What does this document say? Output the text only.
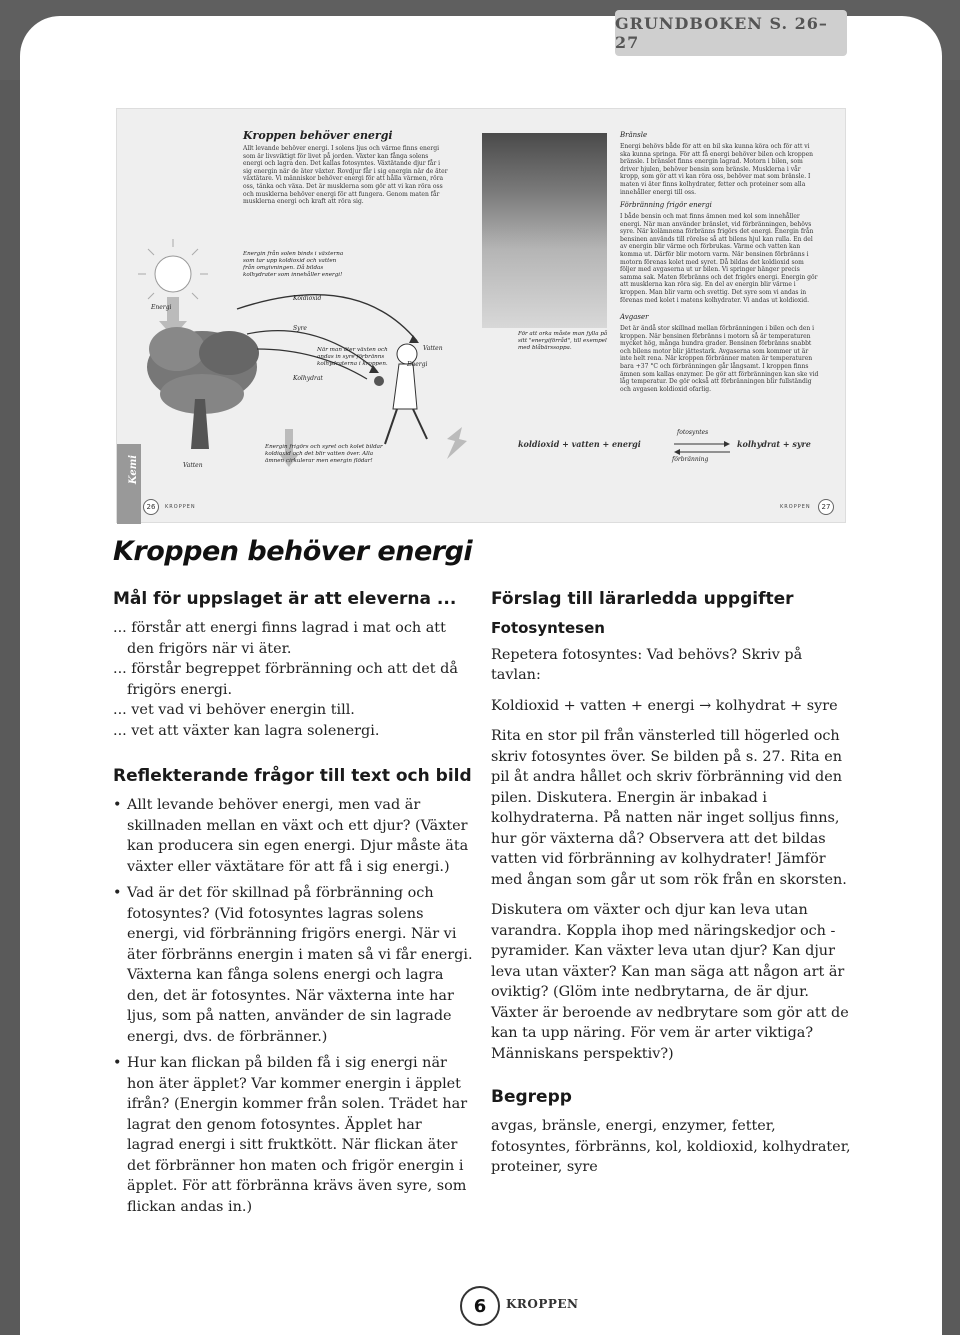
GRUNDBOKEN S. 26–27
Kroppen behöver energi
Allt levande behöver energi. I solens ljus och värme finns energi som är livsviktigt för livet på jorden. Växter kan fånga solens energi och lagra den. Det kallas fotosyntes. Växtätande djur får i sig energin när de äter växter. Rovdjur får i sig energin när de äter växtätare. Vi människor behöver energi för att hålla värmen, röra oss, tänka och växa. Det är musklerna som gör att vi kan röra oss och musklerna behöver energi för att fungera. Genom maten får musklerna energi och kraft att röra sig.
Energin från solen binds i växterna som tar upp koldioxid och vatten från omgivningen. Då bildas kolhydrater som innehåller energi!
Energi
Koldioxid
Syre
Kolhydrat
Vatten
Energi
När man äter växten och andas in syre förbränns kolhydraterna i kroppen.
Vatten
Energin frigörs och syret och kolet bildar koldioxid och det blir vatten över. Alla ämnen cirkulerar men energin flödar!
Kemi
26	KROPPEN
För att orka måste man fylla på sitt "energiförråd", till exempel med blåbärssoppa.
Bränsle
Energi behövs både för att en bil ska kunna köra och för att vi ska kunna springa. För att få energi behöver bilen och kroppen bränsle. I bränslet finns energin lagrad. Motorn i bilen, som driver hjulen, behöver bensin som bränsle. Musklerna i vår kropp, som gör att vi kan röra oss, behöver mat som bränsle. I maten vi äter finns kolhydrater, fetter och proteiner som alla innehåller energi till oss.
Förbränning frigör energi
I både bensin och mat finns ämnen med kol som innehåller energi. När man använder bränslet, vid förbränningen, behövs syre. När kolämnena förbränns frigörs det energi. Energin från bensinen används till rörelse så att bilens hjul kan rulla. En del av energin blir värme och förbrukas. Värme och vatten kan komma ut. Därför blir motorn varm. När bensinen förbränns i motorn förenas kolet med syret. Då bildas det koldioxid som följer med avgaserna ut ur bilen. Vi springer hänger precis samma sak. Maten förbränns och det frigörs energi. Energin gör att musklerna kan röra sig. En del av energin blir värme i kroppen. Man blir varm och svettig. Det syre som vi andas in förenas med kolet i matens kolhydrater. Vi andas ut koldioxid.
Avgaser
Det är ändå stor skillnad mellan förbränningen i bilen och den i kroppen. När bensinen förbränns i motorn så är temperaturen mycket hög, många hundra grader. Bensinen förbränns snabbt och bilens motor blir jättestark. Avgaserna som kommer ut är inte helt rena. När kroppen förbränner maten är temperaturen bara +37 °C och förbränningen går långsamt. I kroppen finns ämnen som kallas enzymer. De gör att förbränningen kan ske vid låg temperatur. De gör också att förbränningen blir fullständig och avgasen koldioxid ofarlig.
koldioxid + vatten + energi
fotosyntes
förbränning
kolhydrat + syre
KROPPEN	27
Kroppen behöver energi
Mål för uppslaget är att eleverna ...
... förstår att energi finns lagrad i mat och att den frigörs när vi äter.
... förstår begreppet förbränning och att det då frigörs energi.
... vet vad vi behöver energin till.
... vet att växter kan lagra solenergi.
Reflekterande frågor till text och bild
• Allt levande behöver energi, men vad är skillnaden mellan en växt och ett djur? (Växter kan producera sin egen energi. Djur måste äta växter eller växtätare för att få i sig energi.)
• Vad är det för skillnad på förbränning och fotosyntes? (Vid fotosyntes lagras solens energi, vid förbränning frigörs energi. När vi äter förbränns energin i maten så vi får energi. Växterna kan fånga solens energi och lagra den, det är fotosyntes. När växterna inte har ljus, som på natten, använder de sin lagrade energi, dvs. de förbränner.)
• Hur kan flickan på bilden få i sig energi när hon äter äpplet? Var kommer energin i äpplet ifrån? (Energin kommer från solen. Trädet har lagrat den genom fotosyntes. Äpplet har lagrad energi i sitt fruktkött. När flickan äter det förbränner hon maten och frigör energin i äpplet. För att förbränna krävs även syre, som flickan andas in.)
Förslag till lärarledda uppgifter
Fotosyntesen

Repetera fotosyntes: Vad behövs? Skriv på tavlan:

Koldioxid + vatten + energi → kolhydrat + syre

Rita en stor pil från vänsterled till högerled och skriv fotosyntes över. Se bilden på s. 27. Rita en pil åt andra hållet och skriv förbränning vid den pilen. Diskutera. Energin är inbakad i kolhydraterna. På natten när inget solljus finns, hur gör växterna då? Observera att det bildas vatten vid förbränning av kolhydrater! Jämför med ångan som går ut som rök från en skorsten.

Diskutera om växter och djur kan leva utan varandra. Koppla ihop med näringskedjor och -pyramider. Kan växter leva utan djur? Kan djur leva utan växter? Kan man säga att någon art är oviktig? (Glöm inte nedbrytarna, de är djur. Växter är beroende av nedbrytare som gör att de kan ta upp näring. För vem är arter viktiga? Människans perspektiv?)

Begrepp

avgas, bränsle, energi, enzymer, fetter, fotosyntes, förbränns, kol, koldioxid, kolhydrater, proteiner, syre

6	KROPPEN
